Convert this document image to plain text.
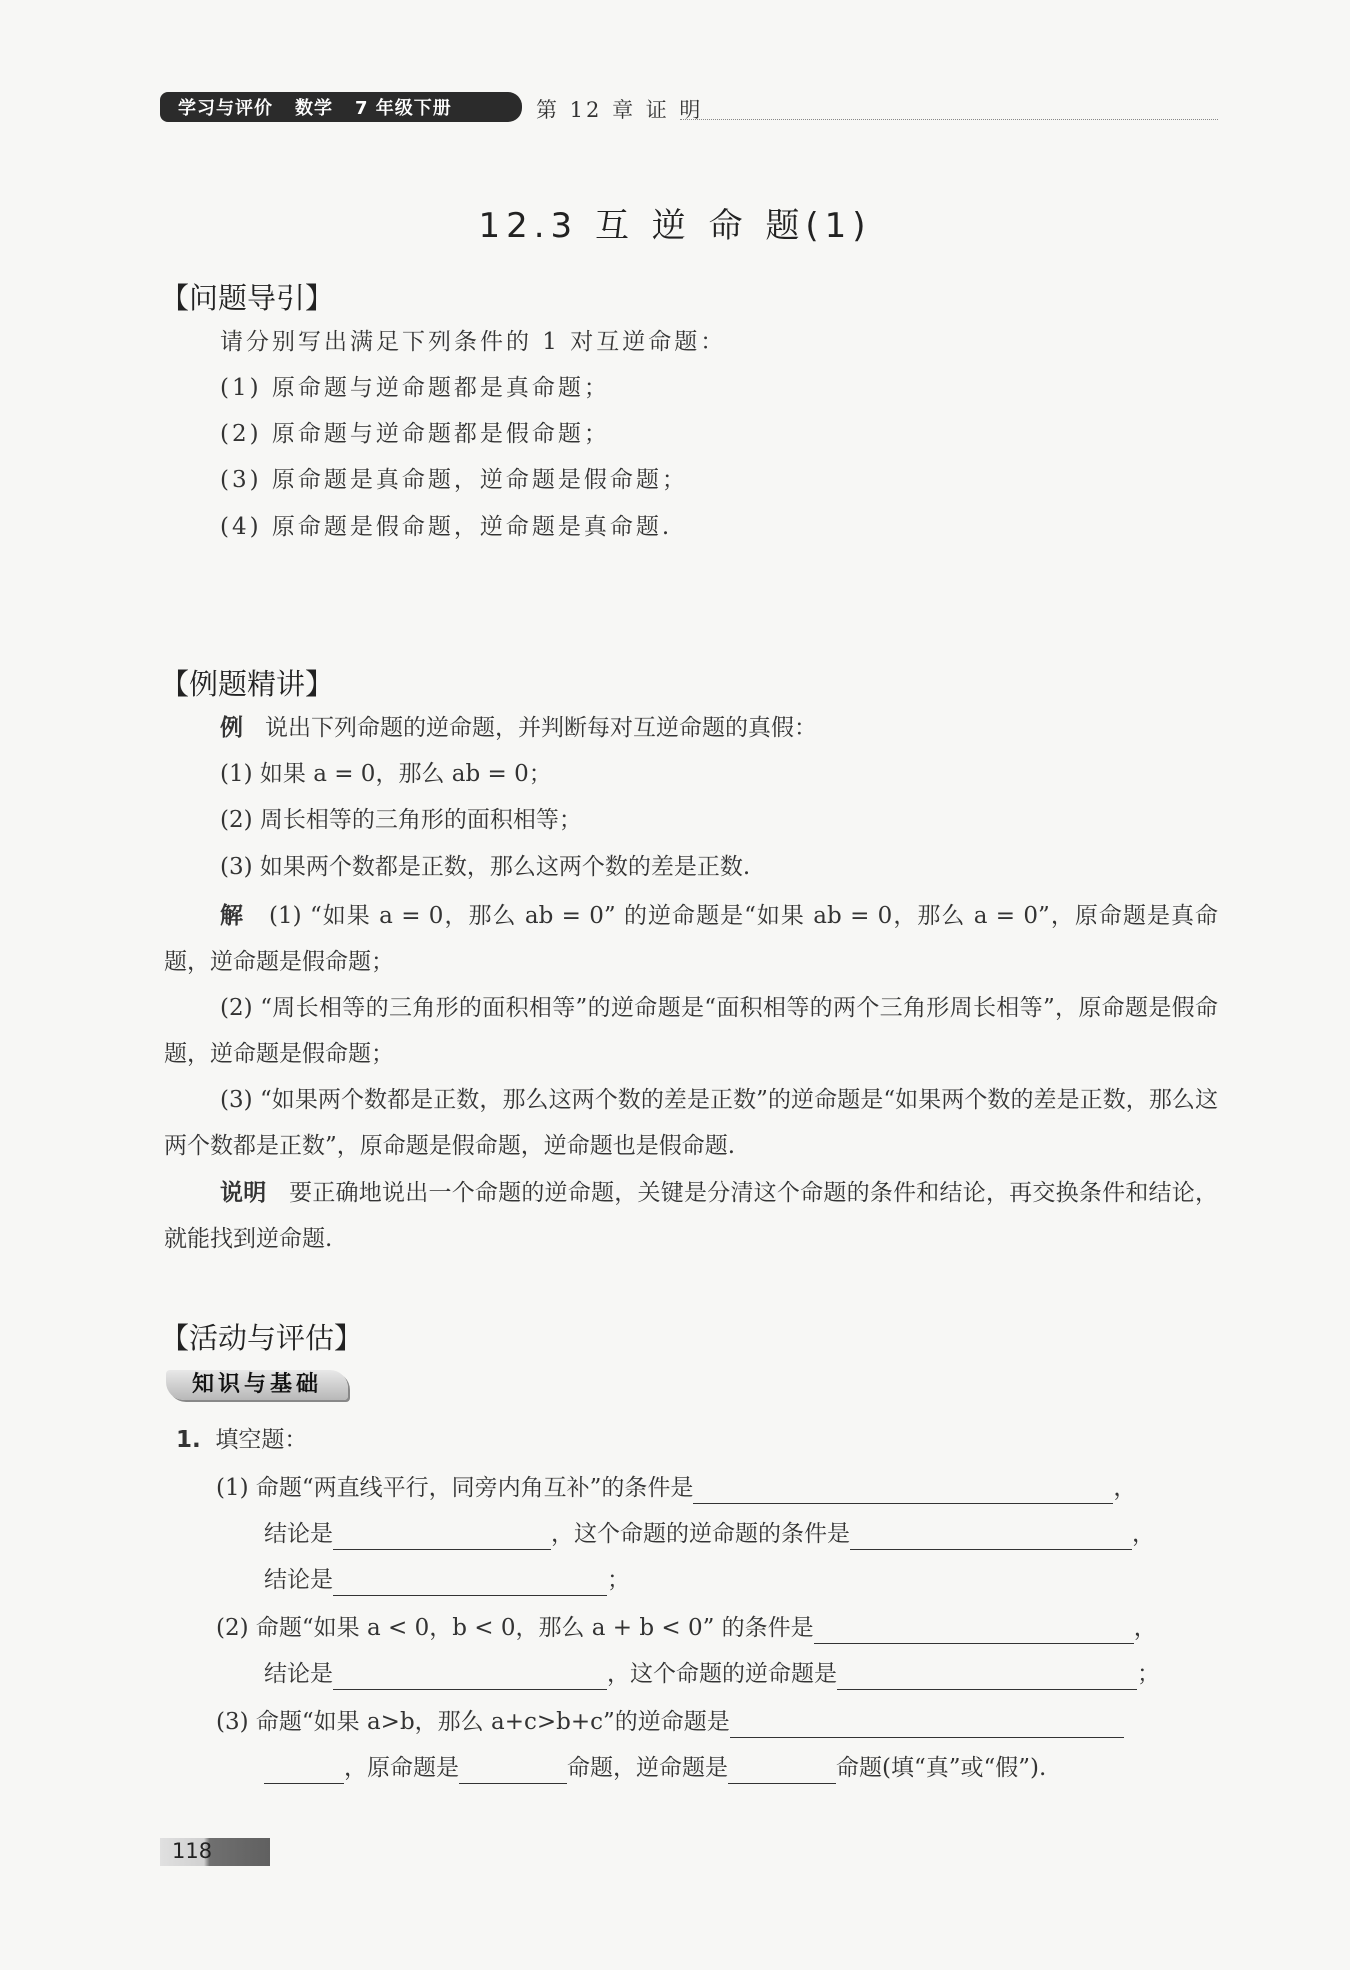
学习与评价 数学 7 年级下册	第 12 章 证 明
12.3 互 逆 命 题(1)
【问题导引】
请分别写出满足下列条件的 1 对互逆命题：
(1) 原命题与逆命题都是真命题；
(2) 原命题与逆命题都是假命题；
(3) 原命题是真命题，逆命题是假命题；
(4) 原命题是假命题，逆命题是真命题.
【例题精讲】
例 说出下列命题的逆命题，并判断每对互逆命题的真假：
(1) 如果 a = 0，那么 ab = 0；
(2) 周长相等的三角形的面积相等；
(3) 如果两个数都是正数，那么这两个数的差是正数.
解 (1) “如果 a = 0，那么 ab = 0” 的逆命题是“如果 ab = 0，那么 a = 0”，原命题是真命题，逆命题是假命题；
(2) “周长相等的三角形的面积相等”的逆命题是“面积相等的两个三角形周长相等”，原命题是假命题，逆命题是假命题；
(3) “如果两个数都是正数，那么这两个数的差是正数”的逆命题是“如果两个数的差是正数，那么这两个数都是正数”，原命题是假命题，逆命题也是假命题.
说明 要正确地说出一个命题的逆命题，关键是分清这个命题的条件和结论，再交换条件和结论，就能找到逆命题.
【活动与评估】
知识与基础
1. 填空题：
(1) 命题“两直线平行，同旁内角互补”的条件是	，
结论是	，这个命题的逆命题的条件是	，
结论是	；
(2) 命题“如果 a < 0，b < 0，那么 a + b < 0” 的条件是	，
结论是	，这个命题的逆命题是	；
(3) 命题“如果 a>b，那么 a+c>b+c”的逆命题是
，原命题是	命题，逆命题是	命题(填“真”或“假”).
118
